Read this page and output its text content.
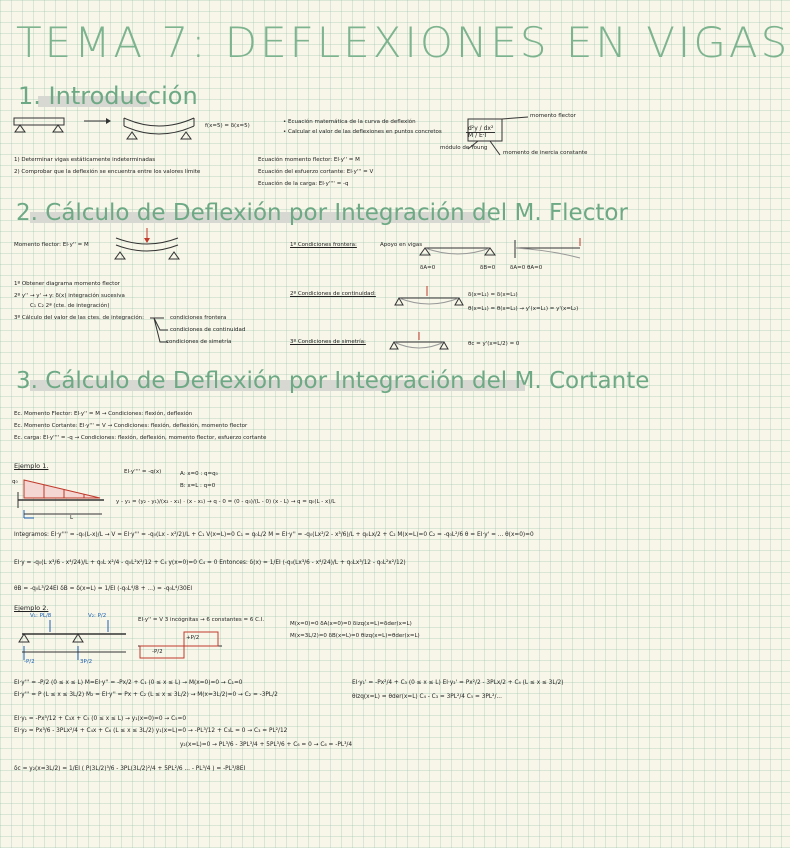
TEMA 7: DEFLEXIONES EN VIGAS
1. Introducción
f(x=5) = δ(x=5)
• Ecuación matemática de la curva de deflexión
• Calcular el valor de las deflexiones en puntos concretos	d²y / dx²
M / E·I
momento flector
módulo de Young
momento de inercia constante
1) Determinar vigas estáticamente indeterminadas
2) Comprobar que la deflexión se encuentra entre los valores límite
Ecuación momento flector: EI·y'' = M
Ecuación del esfuerzo cortante: EI·y''' = V
Ecuación de la carga: EI·y'''' = -q
2. Cálculo de Deflexión por Integración del M. Flector
Momento flector: EI·y'' = M
1º Obtener diagrama momento flector
2º y'' → y' → y: δ(x) integración sucesiva
C₁ C₂ 2ª (cte. de integración)
3º Cálculo del valor de las ctes. de integración:	condiciones frontera
condiciones de continuidad
condiciones de simetría
1º Condiciones frontera:	Apoyo en vigas
δA=0	δB=0	δA=0 θA=0
2º Condiciones de continuidad:	δ(x=L₁) = δ(x=L₂)
θ(x=L₁) = θ(x=L₂) → y'(x=L₁) = y'(x=L₂)
3º Condiciones de simetría:	θc = y'(x=L/2) = 0
3. Cálculo de Deflexión por Integración del M. Cortante
Ec. Momento Flector: EI·y'' = M → Condiciones: flexión, deflexión
Ec. Momento Cortante: EI·y''' = V → Condiciones: flexión, deflexión, momento flector
Ec. carga: EI·y'''' = -q → Condiciones: flexión, deflexión, momento flector, esfuerzo cortante
Ejemplo 1.
q₀
L
EI·y'''' = -q(x)	A: x=0 : q=q₀
B: x=L : q=0
y - y₁ = (y₂ - y₁)/(x₂ - x₁) · (x - x₁) → q - 0 = (0 - q₀)/(L - 0) (x - L) → q = q₀(L - x)/L
Integramos: EI·y'''' = -q₀(L-x)/L → V = EI·y''' = -q₀(Lx - x²/2)/L + C₁ V(x=L)=0 C₁ = q₀L/2 M = EI·y'' = -q₀(Lx²/2 - x³/6)/L + q₀Lx/2 + C₂ M(x=L)=0 C₂ = -q₀L²/6 θ = EI·y' = ... θ(x=0)=0
EI·y = -q₀(L x³/6 - x⁴/24)/L + q₀L x²/4 - q₀L²x²/12 + C₄ y(x=0)=0 C₄ = 0 Entonces: δ(x) = 1/EI (-q₀(Lx³/6 - x⁴/24)/L + q₀Lx³/12 - q₀L²x²/12)
θB = -q₀L³/24EI δB = δ(x=L) = 1/EI (-q₀L⁴/8 + ...) = -q₀L⁴/30EI
Ejemplo 2.
V₁: PL/8	V₂: P/2
-P/2	3P/2
EI·y'' = V 3 incógnitas → 6 constantes = 6 C.I.
+P/2
-P/2
M(x=0)=0 δA(x=0)=0 δizq(x=L)=δder(x=L)
M(x=3L/2)=0 δB(x=L)=0 θizq(x=L)=θder(x=L)
EI·y''' = -P/2 (0 ≤ x ≤ L) M=EI·y'' = -Px/2 + C₁ (0 ≤ x ≤ L) → M(x=0)=0 → C₁=0
EI·y''' = P (L ≤ x ≤ 3L/2) M₂ = EI·y'' = Px + C₂ (L ≤ x ≤ 3L/2) → M(x=3L/2)=0 → C₂ = -3PL/2
EI·y₁' = -Px²/4 + C₃ (0 ≤ x ≤ L) EI·y₂' = Px²/2 - 3PLx/2 + C₄ (L ≤ x ≤ 3L/2)
θizq(x=L) = θder(x=L) C₄ - C₃ = 3PL²/4 C₅ = 3PL²/...
EI·y₁ = -Px³/12 + C₃x + C₅ (0 ≤ x ≤ L) → y₁(x=0)=0 → C₅=0
EI·y₂ = Px³/6 - 3PLx²/4 + C₄x + C₆ (L ≤ x ≤ 3L/2) y₁(x=L)=0 → -PL³/12 + C₃L = 0 → C₃ = PL²/12
y₂(x=L)=0 → PL³/6 - 3PL³/4 + 5PL³/6 + C₆ = 0 → C₆ = -PL³/4
δc = y₂(x=3L/2) = 1/EI ( P(3L/2)³/6 - 3PL(3L/2)²/4 + 5PL²/6 ... - PL³/4 ) = -PL³/8EI
